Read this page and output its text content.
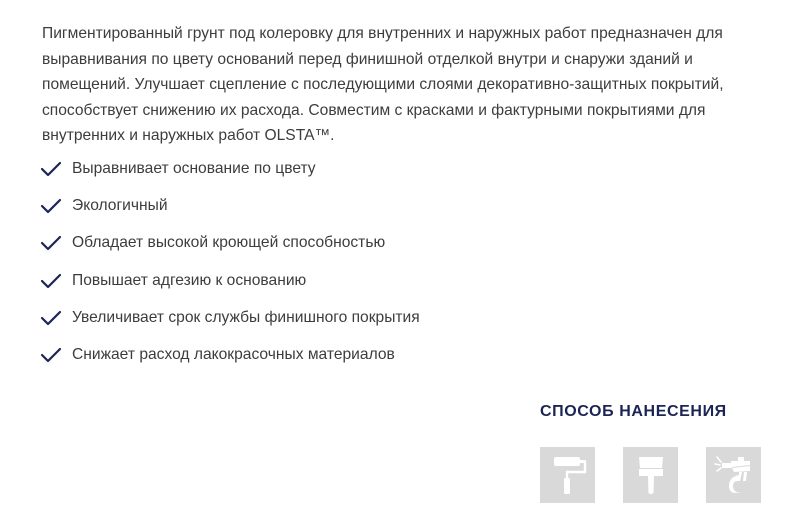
Пигментированный грунт под колеровку для внутренних и наружных работ предназначен для выравнивания по цвету оснований перед финишной отделкой внутри и снаружи зданий и помещений. Улучшает сцепление с последующими слоями декоративно-защитных покрытий, способствует снижению их расхода. Совместим с красками и фактурными покрытиями для внутренних и наружных работ OLSTA™.

Выравнивает основание по цвету
Экологичный
Обладает высокой кроющей способностью
Повышает адгезию к основанию
Увеличивает срок службы финишного покрытия
Снижает расход лакокрасочных материалов
СПОСОБ НАНЕСЕНИЯ
